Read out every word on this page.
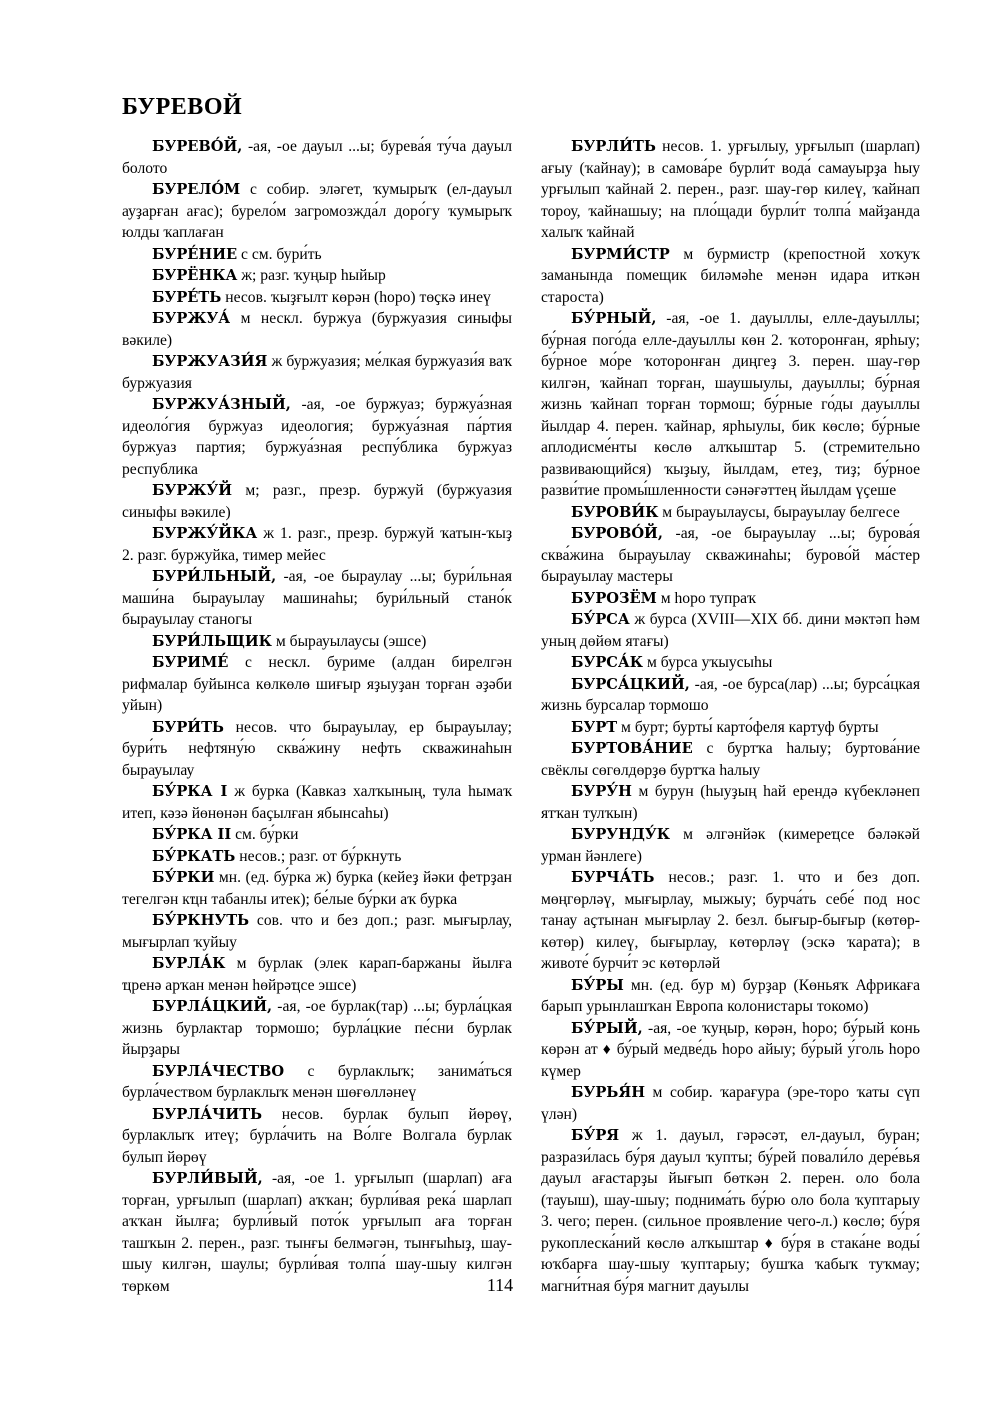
БУРЕВОЙ

БУРЕВО́Й, -ая, -ое дауыл ...ы; бурева́я ту́ча дауыл болото

БУРЕЛО́М с собир. эләгет, ҡумырыҡ (ел-дауыл ауҙарған ағас); бурело́м загромозжда́л доро́гу ҡумырыҡ юлды ҡаплаған

БУРЕ́НИЕ с см. бури́ть

БУРЁНКА ж; разг. ҡуңыр һыйыр

БУРЕ́ТЬ несов. ҡыҙғылт көрән (һоро) төҫкә инеү

БУРЖУА́ м нескл. буржуа (буржуазия синыфы вәкиле)

БУРЖУАЗИ́Я ж буржуазия; ме́лкая буржуази́я ваҡ буржуазия

БУРЖУА́ЗНЫЙ, -ая, -ое буржуаз; буржуа́зная идеоло́гия буржуаз идеология; буржуа́зная па́ртия буржуаз партия; буржуа́зная респу́блика буржуаз республика

БУРЖУ́Й м; разг., презр. буржуй (буржуазия синыфы вәкиле)

БУРЖУ́ЙКА ж 1. разг., презр. буржуй ҡатын-ҡыҙ 2. разг. буржуйка, тимер мейес

БУРИ́ЛЬНЫЙ, -ая, -ое быраулау ...ы; бури́льная маши́на бырауылау машинаһы; бури́льный стано́к бырауылау станогы

БУРИ́ЛЬЩИК м бырауылаусы (эшсе)

БУРИМЕ́ с нескл. буриме (алдан бирелгән рифмалар буйынса көлкөлө шиғыр яҙыуҙан торған әҙәби уйын)

БУРИ́ТЬ несов. что бырауылау, ер бырауылау; бури́ть нефтяну́ю сква́жину нефть скважинаһын бырауылау

БУ́РКА I ж бурка (Кавказ халҡының, тула һымаҡ итеп, кәзә йөнөнән баҫылған ябынсаһы)

БУ́РКА II см. бу́рки

БУ́РКАТЬ несов.; разг. от бу́ркнуть

БУ́РКИ мн. (ед. бу́рка ж) бурка (кейеҙ йәки фетрҙан тегелгән кҵн табанлы итек); бе́лые бу́рки аҡ бурка

БУ́РКНУТЬ сов. что и без доп.; разг. мығырлау, мығырлап ҡуйыу

БУРЛА́К м бурлак (элек карап-баржаны йылға ҵренә арҡан менән һөйрәҵсе эшсе)

БУРЛА́ЦКИЙ, -ая, -ое бурлак(тар) ...ы; бурла́цкая жизнь бурлактар тормошо; бурла́цкие пе́сни бурлак йырҙары

БУРЛА́ЧЕСТВО с бурлаклыҡ; занима́ться бурла́чеством бурлаклыҡ менән шөғөлләнеү

БУРЛА́ЧИТЬ несов. бурлак булып йөрөү, бурлаклыҡ итеү; бурла́чить на Во́лге Волгала бурлак булып йөрөү

БУРЛИ́ВЫЙ, -ая, -ое 1. урғылып (шарлап) аға торған, урғылып (шарлап) аҡҡан; бурли́вая река́ шарлап аҡҡан йылға; бурли́вый пото́к урғылып аға торған ташҡын 2. перен., разг. тынғы белмәгән, тынғыһыҙ, шау-шыу килгән, шаулы; бурли́вая толпа́ шау-шыу килгән төркөм

БУРЛИ́ТЬ несов. 1. урғылыу, урғылып (шарлап) ағыу (ҡайнау); в самова́ре бурли́т вода́ самауырҙа һыу урғылып ҡайнай 2. перен., разг. шау-гөр килеү, ҡайнап тороу, ҡайнашыу; на пло́щади бурли́т толпа́ майҙанда халыҡ ҡайнай

БУРМИ́СТР м бурмистр (крепостной хоҡуҡ заманында помещик биләмәһе менән идара иткән староста)

БУ́РНЫЙ, -ая, -ое 1. дауыллы, елле-дауыллы; бу́рная пого́да елле-дауыллы көн 2. ҡоторонған, ярһыу; бу́рное мо́ре ҡоторонған диңгеҙ 3. перен. шау-гөр килгән, ҡайнап торған, шаушыулы, дауыллы; бу́рная жизнь ҡайнап торған тормош; бу́рные го́ды дауыллы йылдар 4. перен. ҡайнар, ярһыулы, бик көслө; бу́рные аплодисме́нты көслө алҡыштар 5. (стремительно развивающийся) ҡыҙыу, йылдам, етеҙ, тиҙ; бу́рное разви́тие промы́шленности сәнәғәттең йылдам үҫеше

БУРОВИ́К м бырауылаусы, бырауылау белгесе

БУРОВО́Й, -ая, -ое бырауылау ...ы; бурова́я сква́жина бырауылау скважинаһы; бурово́й ма́стер бырауылау мастеры

БУРОЗЁМ м һоро тупраҡ

БУ́РСА ж бурса (XVIII—XIX бб. дини мәктәп һәм уның дөйөм ятағы)

БУРСА́К м бурса уҡыусыһы

БУРСА́ЦКИЙ, -ая, -ое бурса(лар) ...ы; бурса́цкая жизнь бурсалар тормошо

БУРТ м бурт; бурты́ карто́феля картуф бурты

БУРТОВА́НИЕ с буртҡа һалыу; буртова́ние свёклы сөгөлдөрҙө буртҡа һалыу

БУРУ́Н м бурун (һыуҙың һай ерендә күбекләнеп ятҡан тулҡын)

БУРУНДУ́К м әлгәнйәк (кимереҵсе бәләкәй урман йәнлеге)

БУРЧА́ТЬ несов.; разг. 1. что и без доп. мөңгөрләү, мығырлау, мыжыу; бурча́ть себе́ под нос танау аҫтынан мығырлау 2. безл. бығыр-бығыр (көтөр-көтөр) килеү, бығырлау, көтөрләү (эскә ҡарата); в животе́ бурчи́т эс көтөрләй

БУ́РЫ мн. (ед. бур м) бурҙар (Көньяҡ Африкаға барып урынлашҡан Европа колонистары токомо)

БУ́РЫЙ, -ая, -ое ҡуңыр, көрән, һоро; бу́рый конь көрән ат ♦ бу́рый медве́дь һоро айыу; бу́рый у́голь һоро күмер

БУРЬЯ́Н м собир. ҡарағура (эре-торо ҡаты сүп үлән)

БУ́РЯ ж 1. дауыл, гәрәсәт, ел-дауыл, буран; разрази́лась бу́ря дауыл ҡупты; бу́рей повали́ло дере́вья дауыл ағастарҙы йығып бөткән 2. перен. оло бола (тауыш), шау-шыу; поднима́ть бу́рю оло бола ҡуптарыу 3. чего; перен. (сильное проявление чего-л.) көслө; бу́ря рукоплеска́ний көслө алҡыштар ♦ бу́ря в стака́не воды́ юҡбарға шау-шыу ҡуптарыу; бушҡа ҡабыҡ туҡмау; магни́тная бу́ря магнит дауылы

114
